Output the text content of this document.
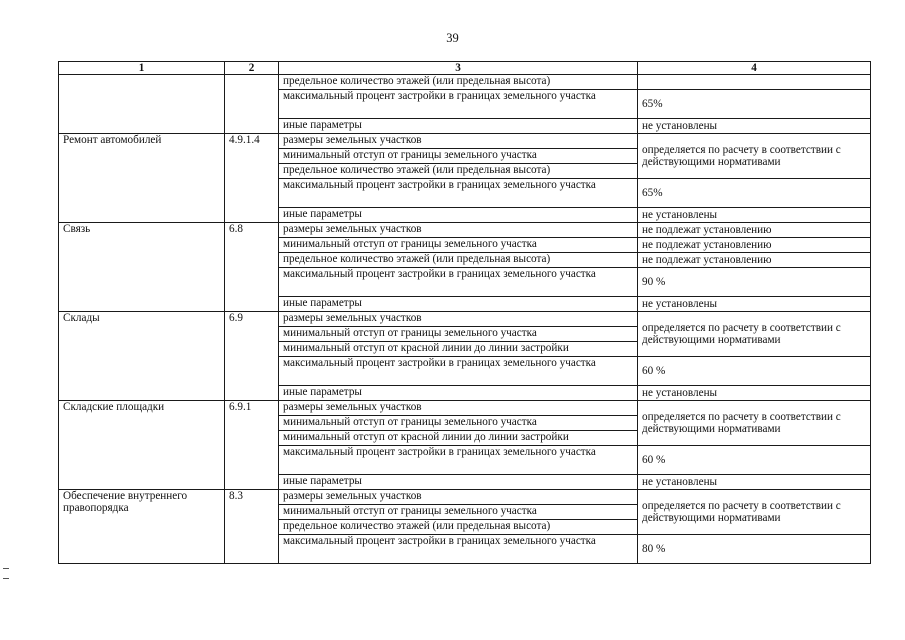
39
1	2	3	4
		предельное количество этажей (или предельная высота)	
		максимальный процент застройки в границах земельного участка	65%
		иные параметры	не установлены
Ремонт автомобилей	4.9.1.4	размеры земельных участков	определяется по расчету в соответствии с действующими нормативами
		минимальный отступ от границы земельного участка	
		предельное количество этажей (или предельная высота)	
		максимальный процент застройки в границах земельного участка	65%
		иные параметры	не установлены
Связь	6.8	размеры земельных участков	не подлежат установлению
		минимальный отступ от границы земельного участка	не подлежат установлению
		предельное количество этажей (или предельная высота)	не подлежат установлению
		максимальный процент застройки в границах земельного участка	90 %
		иные параметры	не установлены
Склады	6.9	размеры земельных участков	определяется по расчету в соответствии с действующими нормативами
		минимальный отступ от границы земельного участка	
		минимальный отступ от красной линии до линии застройки	
		максимальный процент застройки в границах земельного участка	60 %
		иные параметры	не установлены
Складские площадки	6.9.1	размеры земельных участков	определяется по расчету в соответствии с действующими нормативами
		минимальный отступ от границы земельного участка	
		минимальный отступ от красной линии до линии застройки	
		максимальный процент застройки в границах земельного участка	60 %
		иные параметры	не установлены
Обеспечение внутреннего правопорядка	8.3	размеры земельных участков	определяется по расчету в соответствии с действующими нормативами
		минимальный отступ от границы земельного участка	
		предельное количество этажей (или предельная высота)	
		максимальный процент застройки в границах земельного участка	80 %
